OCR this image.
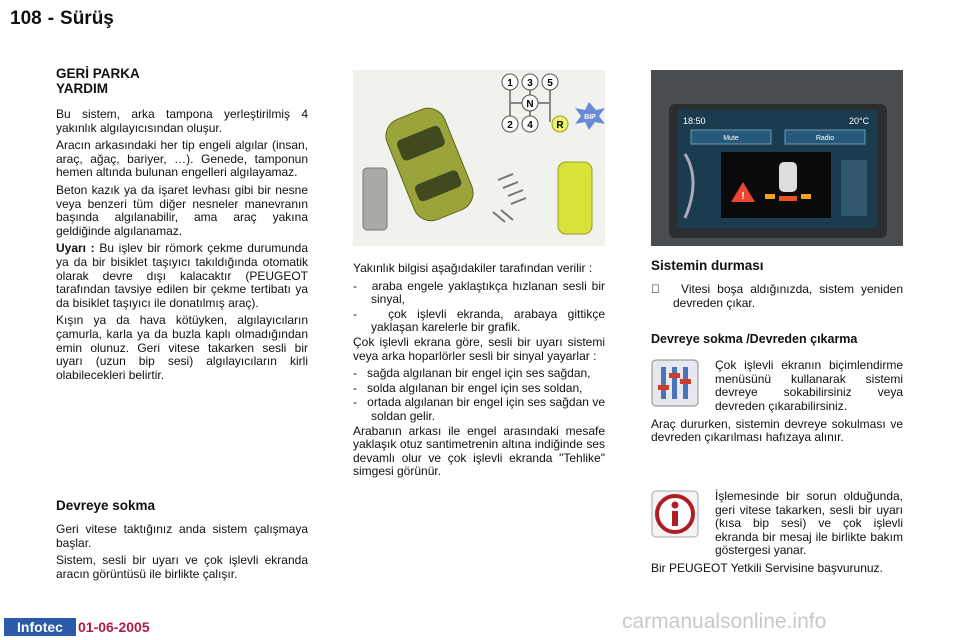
108 - Sürüş
GERİ PARKA
YARDIM

Bu sistem, arka tampona yerleştirilmiş 4 yakınlık algılayıcısından oluşur.

Aracın arkasındaki her tip engeli algılar (insan, araç, ağaç, bariyer, …). Genede, tamponun hemen altında bulunan engelleri algılayamaz.

Beton kazık ya da işaret levhası gibi bir nesne veya benzeri tüm diğer nesneler manevranın başında algılanabilir, ama araç yakına geldiğinde algılanamaz.

Uyarı : Bu işlev bir römork çekme durumunda ya da bir bisiklet taşıyıcı takıldığında otomatik olarak devre dışı kalacaktır (PEUGEOT tarafından tavsiye edilen bir çekme tertibatı ya da bisiklet taşıyıcı ile donatılmış araç).

Kışın ya da hava kötüyken, algılayıcıların çamurla, karla ya da buzla kaplı olmadığından emin olunuz. Geri vitese takarken sesli bir uyarı (uzun bip sesi) algılayıcıların kirli olabilecekleri belirtir.

Devreye sokma

Geri vitese taktığınız anda sistem çalışmaya başlar.

Sistem, sesli bir uyarı ve çok işlevli ekranda aracın görüntüsü ile birlikte çalışır.

1 3 5
N
2 4 R
BIP	18:50	20°C
Mute	Radio
!

Yakınlık bilgisi aşağıdakiler tarafından verilir :

- araba engele yaklaştıkça hızlanan sesli bir sinyal,
-	çok işlevli ekranda, arabaya gittikçe yaklaşan karelerle bir grafik.

Çok işlevli ekrana göre, sesli bir uyarı sistemi veya arka hoparlörler sesli bir sinyal yayarlar :

- sağda algılanan bir engel için ses sağdan,
- solda algılanan bir engel için ses soldan,
- ortada algılanan bir engel için ses sağdan ve soldan gelir.

Arabanın arkası ile engel arasındaki mesafe yaklaşık otuz santimetrenin altına indiğinde ses devamlı olur ve çok işlevli ekranda "Tehlike" simgesi görünür.

Sistemin durması
Vitesi boşa aldığınızda, sistem yeniden devreden çıkar.
Devreye sokma /Devreden çıkarma

Çok işlevli ekranın biçimlendirme menüsünü kullanarak sistemi devreye sokabilirsiniz veya devreden çıkarabilirsiniz.

Araç dururken, sistemin devreye sokulması ve devreden çıkarılması hafızaya alınır.

İşlemesinde bir sorun olduğunda, geri vitese takarken, sesli bir uyarı (kısa bip sesi) ve çok işlevli ekranda bir mesaj ile birlikte bakım göstergesi yanar.

Bir PEUGEOT Yetkili Servisine başvurunuz.

Infotec	01-06-2005	carmanualsonline.info
